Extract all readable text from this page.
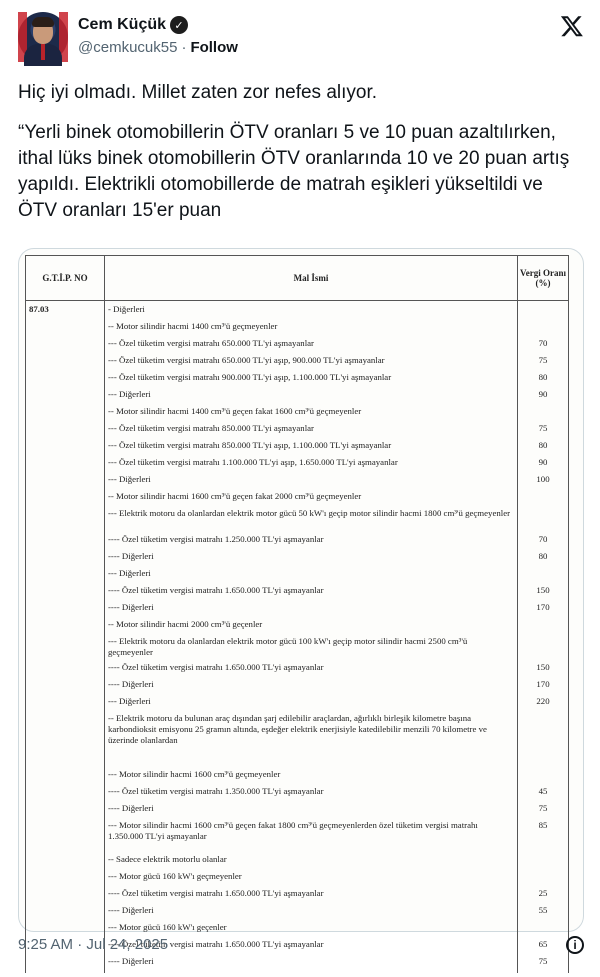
Cem Küçük ✓
@cemkucuk55 · Follow

Hiç iyi olmadı. Millet zaten zor nefes alıyor.

“Yerli binek otomobillerin ÖTV oranları 5 ve 10 puan azaltılırken, ithal lüks binek otomobillerin ÖTV oranlarında 10 ve 20 puan artış yapıldı. Elektrikli otomobillerde de matrah eşikleri yükseltildi ve ÖTV oranları 15'er puan

G.T.İ.P. NO	Mal İsmi	Vergi Oranı (%)
87.03	- Diğerleri	
	-- Motor silindir hacmi 1400 cm³'ü geçmeyenler	
	--- Özel tüketim vergisi matrahı 650.000 TL'yi aşmayanlar	70
	--- Özel tüketim vergisi matrahı 650.000 TL'yi aşıp, 900.000 TL'yi aşmayanlar	75
	--- Özel tüketim vergisi matrahı 900.000 TL'yi aşıp, 1.100.000 TL'yi aşmayanlar	80
	--- Diğerleri	90
	-- Motor silindir hacmi 1400 cm³'ü geçen fakat 1600 cm³'ü geçmeyenler	
	--- Özel tüketim vergisi matrahı 850.000 TL'yi aşmayanlar	75
	--- Özel tüketim vergisi matrahı 850.000 TL'yi aşıp, 1.100.000 TL'yi aşmayanlar	80
	--- Özel tüketim vergisi matrahı 1.100.000 TL'yi aşıp, 1.650.000 TL'yi aşmayanlar	90
	--- Diğerleri	100
	-- Motor silindir hacmi 1600 cm³'ü geçen fakat 2000 cm³'ü geçmeyenler	
	--- Elektrik motoru da olanlardan elektrik motor gücü 50 kW'ı geçip motor silindir hacmi 1800 cm³'ü geçmeyenler	
	---- Özel tüketim vergisi matrahı 1.250.000 TL'yi aşmayanlar	70
	---- Diğerleri	80
	--- Diğerleri	
	---- Özel tüketim vergisi matrahı 1.650.000 TL'yi aşmayanlar	150
	---- Diğerleri	170
	-- Motor silindir hacmi 2000 cm³'ü geçenler	
	--- Elektrik motoru da olanlardan elektrik motor gücü 100 kW'ı geçip motor silindir hacmi 2500 cm³'ü geçmeyenler	
	---- Özel tüketim vergisi matrahı 1.650.000 TL'yi aşmayanlar	150
	---- Diğerleri	170
	--- Diğerleri	220
	-- Elektrik motoru da bulunan araç dışından şarj edilebilir araçlardan, ağırlıklı birleşik kilometre başına karbondioksit emisyonu 25 gramın altında, eşdeğer elektrik enerjisiyle katedilebilir menzili 70 kilometre ve üzerinde olanlardan	
	--- Motor silindir hacmi 1600 cm³'ü geçmeyenler	
	---- Özel tüketim vergisi matrahı 1.350.000 TL'yi aşmayanlar	45
	---- Diğerleri	75
	--- Motor silindir hacmi 1600 cm³'ü geçen fakat 1800 cm³'ü geçmeyenlerden özel tüketim vergisi matrahı 1.350.000 TL'yi aşmayanlar	85

	-- Sadece elektrik motorlu olanlar	
	--- Motor gücü 160 kW'ı geçmeyenler	
	---- Özel tüketim vergisi matrahı 1.650.000 TL'yi aşmayanlar	25
	---- Diğerleri	55
	--- Motor gücü 160 kW'ı geçenler	
	---- Özel tüketim vergisi matrahı 1.650.000 TL'yi aşmayanlar	65
	---- Diğerleri	75
9:25 AM · Jul 24, 2025	i
